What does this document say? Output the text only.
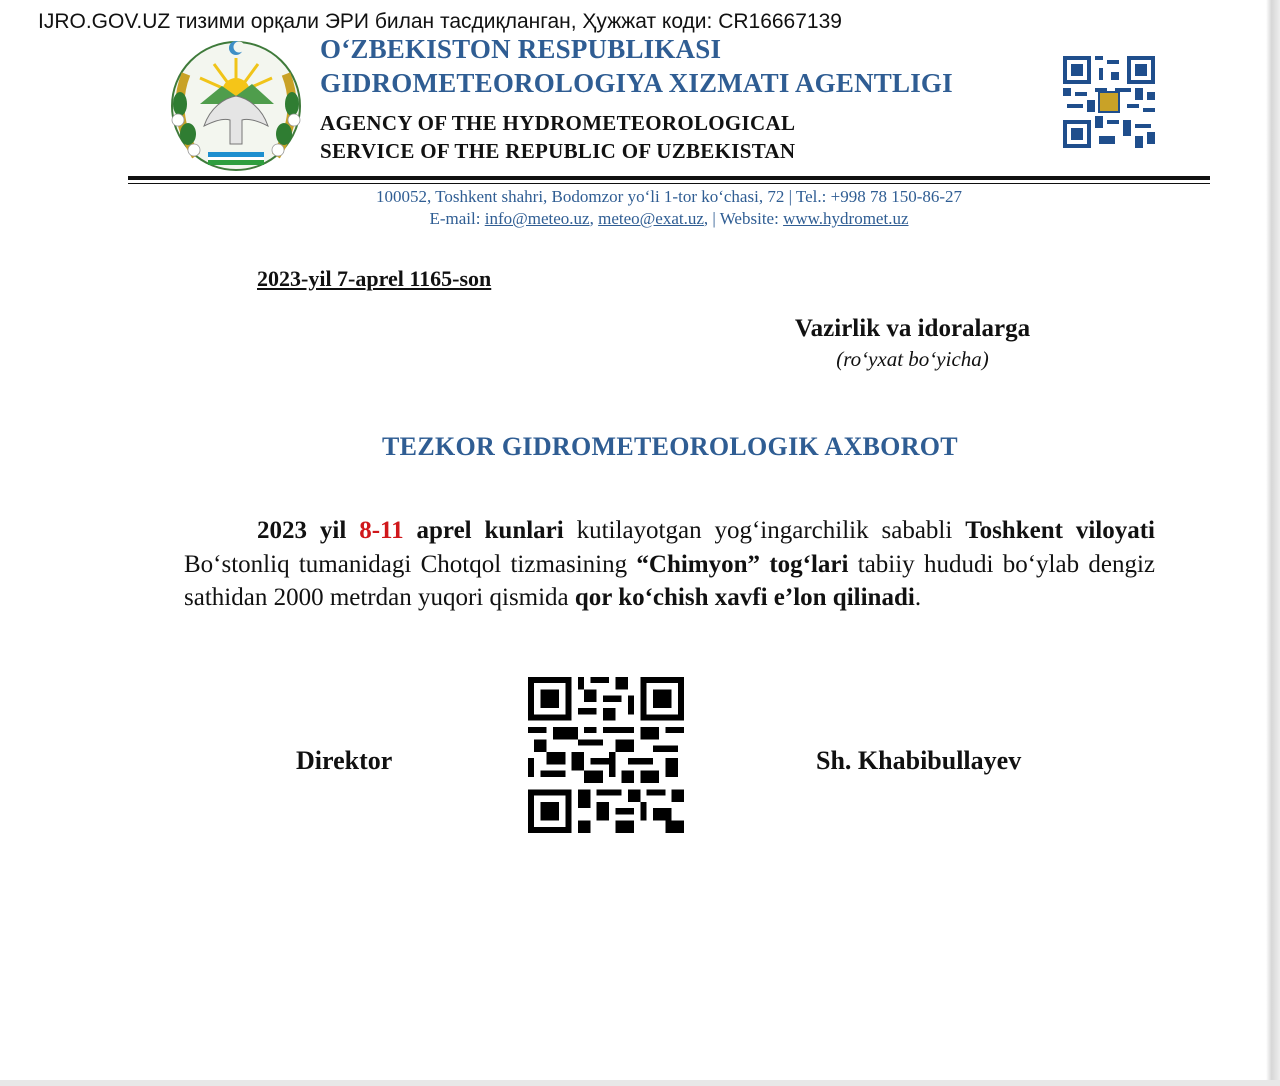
IJRO.GOV.UZ тизими орқали ЭРИ билан тасдиқланган, Ҳужжат коди: CR16667139
O‘ZBEKISTON RESPUBLIKASI
GIDROMETEOROLOGIYA XIZMATI AGENTLIGI
AGENCY OF THE HYDROMETEOROLOGICAL
SERVICE OF THE REPUBLIC OF UZBEKISTAN
100052, Toshkent shahri, Bodomzor yo‘li 1-tor ko‘chasi, 72 | Tel.: +998 78 150-86-27
E-mail: info@meteo.uz, meteo@exat.uz, | Website: www.hydromet.uz
2023-yil 7-aprel 1165-son
Vazirlik va idoralarga
(ro‘yxat bo‘yicha)
TEZKOR GIDROMETEOROLOGIK AXBOROT
2023 yil 8-11 aprel kunlari kutilayotgan yog‘ingarchilik sababli Toshkent viloyati Bo‘stonliq tumanidagi Chotqol tizmasining “Chimyon” tog‘lari tabiiy hududi bo‘ylab dengiz sathidan 2000 metrdan yuqori qismida qor ko‘chish xavfi e’lon qilinadi.
Direktor	Sh. Khabibullayev
